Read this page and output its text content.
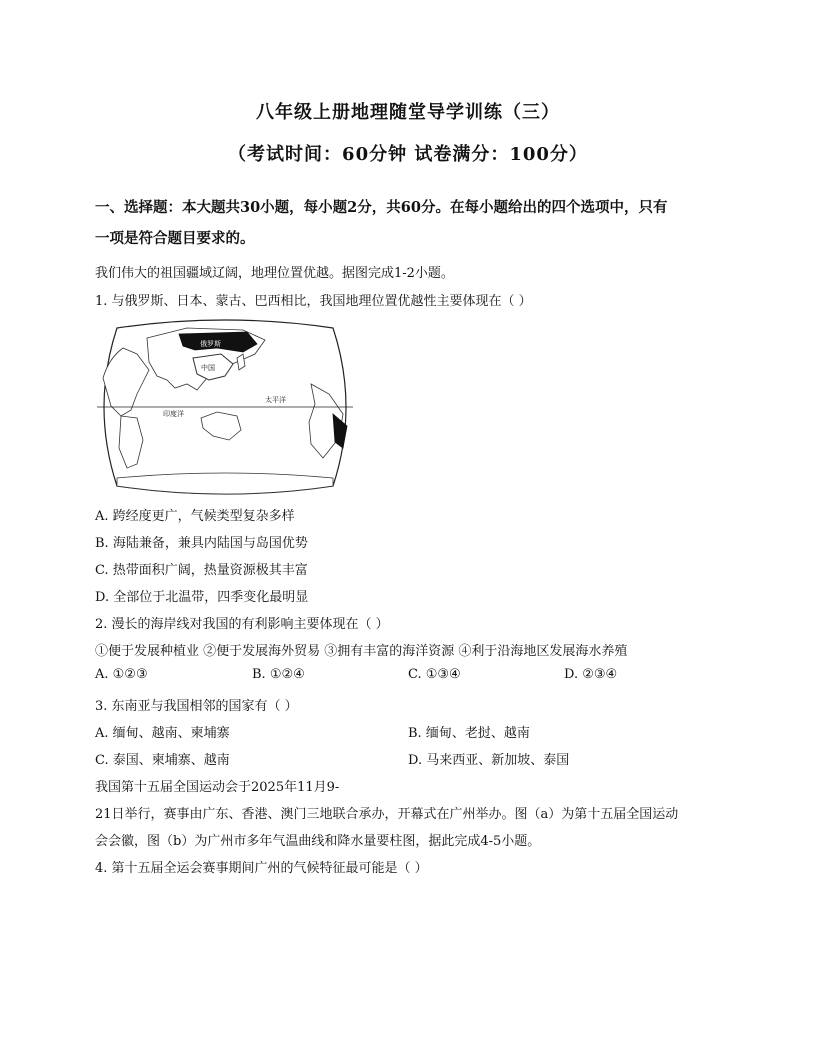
八年级上册地理随堂导学训练（三）
（考试时间：60分钟 试卷满分：100分）
一、选择题：本大题共30小题，每小题2分，共60分。在每小题给出的四个选项中，只有
一项是符合题目要求的。
我们伟大的祖国疆域辽阔，地理位置优越。据图完成1-2小题。
1. 与俄罗斯、日本、蒙古、巴西相比，我国地理位置优越性主要体现在（ ）
俄罗斯
中国
太平洋
印度洋
A. 跨经度更广，气候类型复杂多样
B. 海陆兼备，兼具内陆国与岛国优势
C. 热带面积广阔，热量资源极其丰富
D. 全部位于北温带，四季变化最明显
2. 漫长的海岸线对我国的有利影响主要体现在（ ）
①便于发展种植业 ②便于发展海外贸易 ③拥有丰富的海洋资源 ④利于沿海地区发展海水养殖
A. ①②③	B. ①②④	C. ①③④	D. ②③④
3. 东南亚与我国相邻的国家有（ ）
A. 缅甸、越南、柬埔寨	B. 缅甸、老挝、越南
C. 泰国、柬埔寨、越南	D. 马来西亚、新加坡、泰国
我国第十五届全国运动会于2025年11月9-
21日举行，赛事由广东、香港、澳门三地联合承办，开幕式在广州举办。图（a）为第十五届全国运动
会会徽，图（b）为广州市多年气温曲线和降水量要柱图，据此完成4-5小题。
4. 第十五届全运会赛事期间广州的气候特征最可能是（ ）
